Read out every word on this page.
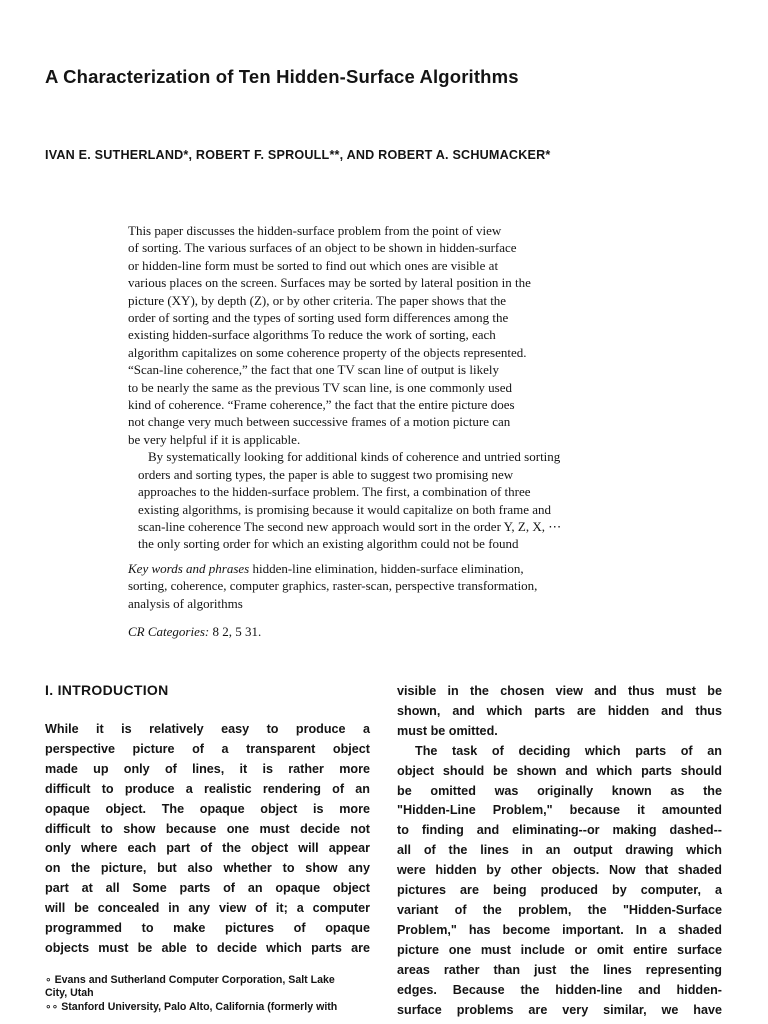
A Characterization of Ten Hidden-Surface Algorithms
IVAN E. SUTHERLAND*, ROBERT F. SPROULL**, AND ROBERT A. SCHUMACKER*
This paper discusses the hidden-surface problem from the point of view
of sorting. The various surfaces of an object to be shown in hidden-surface
or hidden-line form must be sorted to find out which ones are visible at
various places on the screen. Surfaces may be sorted by lateral position in the
picture (XY), by depth (Z), or by other criteria. The paper shows that the
order of sorting and the types of sorting used form differences among the
existing hidden-surface algorithms To reduce the work of sorting, each
algorithm capitalizes on some coherence property of the objects represented.
“Scan-line coherence,” the fact that one TV scan line of output is likely
to be nearly the same as the previous TV scan line, is one commonly used
kind of coherence. “Frame coherence,” the fact that the entire picture does
not change very much between successive frames of a motion picture can
be very helpful if it is applicable.
By systematically looking for additional kinds of coherence and untried sorting
orders and sorting types, the paper is able to suggest two promising new
approaches to the hidden-surface problem. The first, a combination of three
existing algorithms, is promising because it would capitalize on both frame and
scan-line coherence The second new approach would sort in the order Y, Z, X, ⋯
the only sorting order for which an existing algorithm could not be found
Key words and phrases hidden-line elimination, hidden-surface elimination,
sorting, coherence, computer graphics, raster-scan, perspective transformation,
analysis of algorithms
CR Categories: 8 2, 5 31.
I. INTRODUCTION
While it is relatively easy to produce a
perspective picture of a transparent object
made up only of lines, it is rather more
difficult to produce a realistic rendering of an
opaque object. The opaque object is more
difficult to show because one must decide not
only where each part of the object will appear
on the picture, but also whether to show any
part at all Some parts of an opaque object
will be concealed in any view of it; a computer
programmed to make pictures of opaque
objects must be able to decide which parts are
visible in the chosen view and thus must be
shown, and which parts are hidden and thus
must be omitted.
The task of deciding which parts of an
object should be shown and which parts should
be omitted was originally known as the
"Hidden-Line Problem," because it amounted
to finding and eliminating--or making dashed--
all of the lines in an output drawing which
were hidden by other objects. Now that shaded
pictures are being produced by computer, a
variant of the problem, the "Hidden-Surface
Problem," has become important. In a shaded
picture one must include or omit entire surface
areas rather than just the lines representing
edges. Because the hidden-line and hidden-
surface problems are very similar, we have
∘ Evans and Sutherland Computer Corporation, Salt Lake
City, Utah
∘∘ Stanford University, Palo Alto, California (formerly with
